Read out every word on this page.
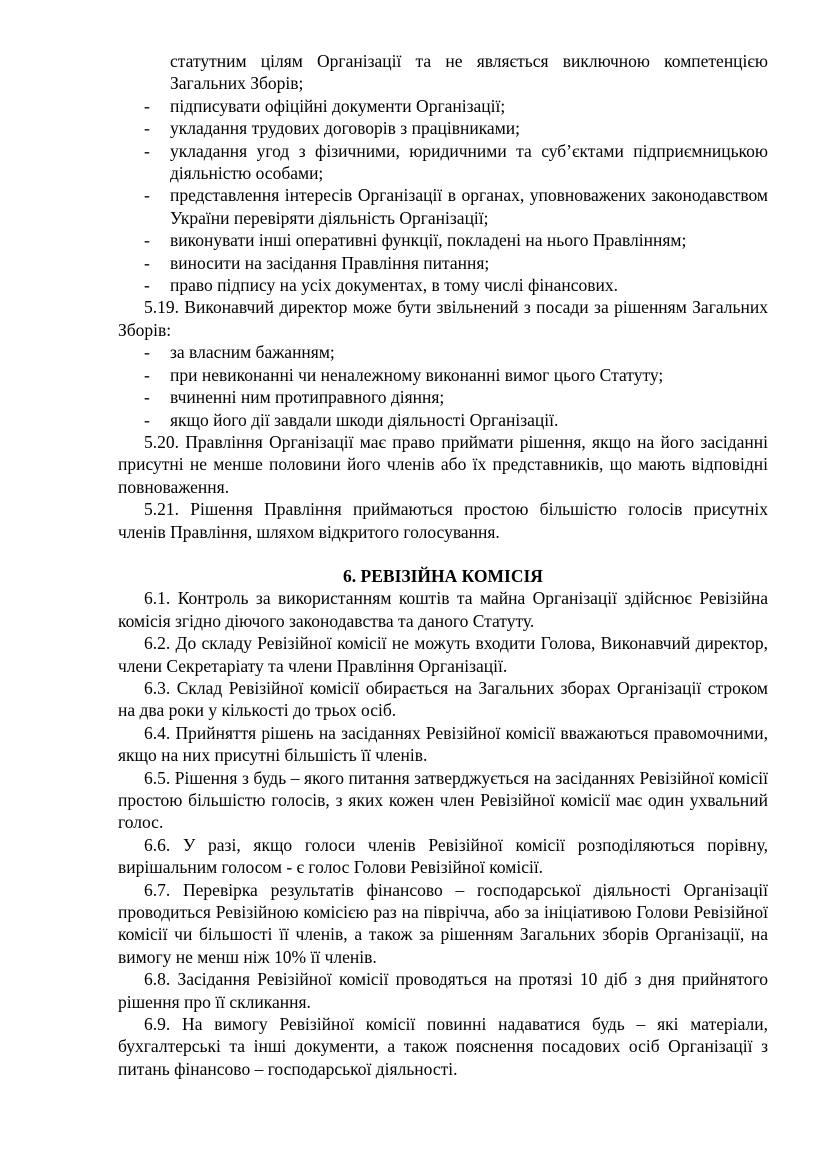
статутним цілям Організації та не являється виключною компетенцією Загальних Зборів;
- підписувати офіційні документи Організації;
- укладання трудових договорів з працівниками;
- укладання угод з фізичними, юридичними та суб’єктами підприємницькою діяльністю особами;
- представлення інтересів Організації в органах, уповноважених законодавством України перевіряти діяльність Організації;
- виконувати інші оперативні функції, покладені на нього Правлінням;
- виносити на засідання Правління питання;
- право підпису на усіх документах, в тому числі фінансових.
5.19. Виконавчий директор може бути звільнений з посади за рішенням Загальних Зборів:
- за власним бажанням;
- при невиконанні чи неналежному виконанні вимог цього Статуту;
- вчиненні ним протиправного діяння;
- якщо його дії завдали шкоди діяльності Організації.
5.20. Правління Організації має право приймати рішення, якщо на його засіданні присутні не менше половини його членів або їх представників, що мають відповідні повноваження.
5.21. Рішення Правління приймаються простою більшістю голосів присутніх членів Правління, шляхом відкритого голосування.
6. РЕВІЗІЙНА КОМІСІЯ
6.1. Контроль за використанням коштів та майна Організації здійснює Ревізійна комісія згідно діючого законодавства та даного Статуту.
6.2. До складу Ревізійної комісії не можуть входити Голова, Виконавчий директор, члени Секретаріату та члени Правління Організації.
6.3. Склад Ревізійної комісії обирається на Загальних зборах Організації строком на два роки у кількості до трьох осіб.
6.4. Прийняття рішень на засіданнях Ревізійної комісії вважаються правомочними, якщо на них присутні більшість її членів.
6.5. Рішення з будь – якого питання затверджується на засіданнях Ревізійної комісії простою більшістю голосів, з яких кожен член Ревізійної комісії має один ухвальний голос.
6.6. У разі, якщо голоси членів Ревізійної комісії розподіляються порівну, вирішальним голосом - є голос Голови Ревізійної комісії.
6.7. Перевірка результатів фінансово – господарської діяльності Організації проводиться Ревізійною комісією раз на піврічча, або за ініціативою Голови Ревізійної комісії чи більшості її членів, а також за рішенням Загальних зборів Організації, на вимогу не менш ніж 10% її членів.
6.8. Засідання Ревізійної комісії проводяться на протязі 10 діб з дня прийнятого рішення про її скликання.
6.9. На вимогу Ревізійної комісії повинні надаватися будь – які матеріали, бухгалтерські та інші документи, а також пояснення посадових осіб Організації з питань фінансово – господарської діяльності.
